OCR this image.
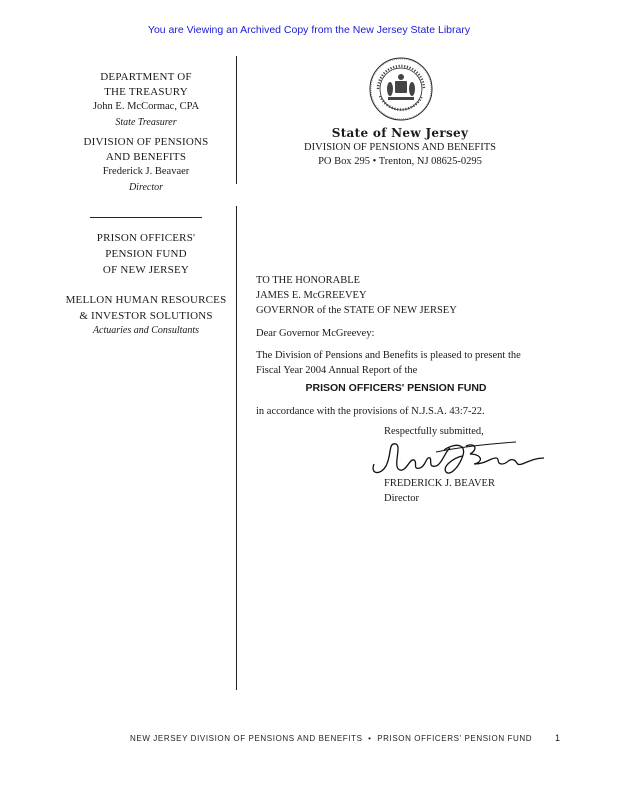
You are Viewing an Archived Copy from the New Jersey State Library
DEPARTMENT OF
THE TREASURY
John E. McCormac, CPA
State Treasurer
DIVISION OF PENSIONS
AND BENEFITS
Frederick J. Beavaer
Director
PRISON OFFICERS'
PENSION FUND
OF NEW JERSEY
MELLON HUMAN RESOURCES
& INVESTOR SOLUTIONS
Actuaries and Consultants
State of New Jersey
DIVISION OF PENSIONS AND BENEFITS
PO Box 295 • Trenton, NJ 08625-0295
TO THE HONORABLE
JAMES E. McGREEVEY
GOVERNOR of the STATE OF NEW JERSEY
Dear Governor McGreevey:
The Division of Pensions and Benefits is pleased to present the
Fiscal Year 2004 Annual Report of the
PRISON OFFICERS' PENSION FUND
in accordance with the provisions of N.J.S.A. 43:7-22.
Respectfully submitted,
FREDERICK J. BEAVER
Director
NEW JERSEY DIVISION OF PENSIONS AND BENEFITS  •  PRISON OFFICERS' PENSION FUND	1
